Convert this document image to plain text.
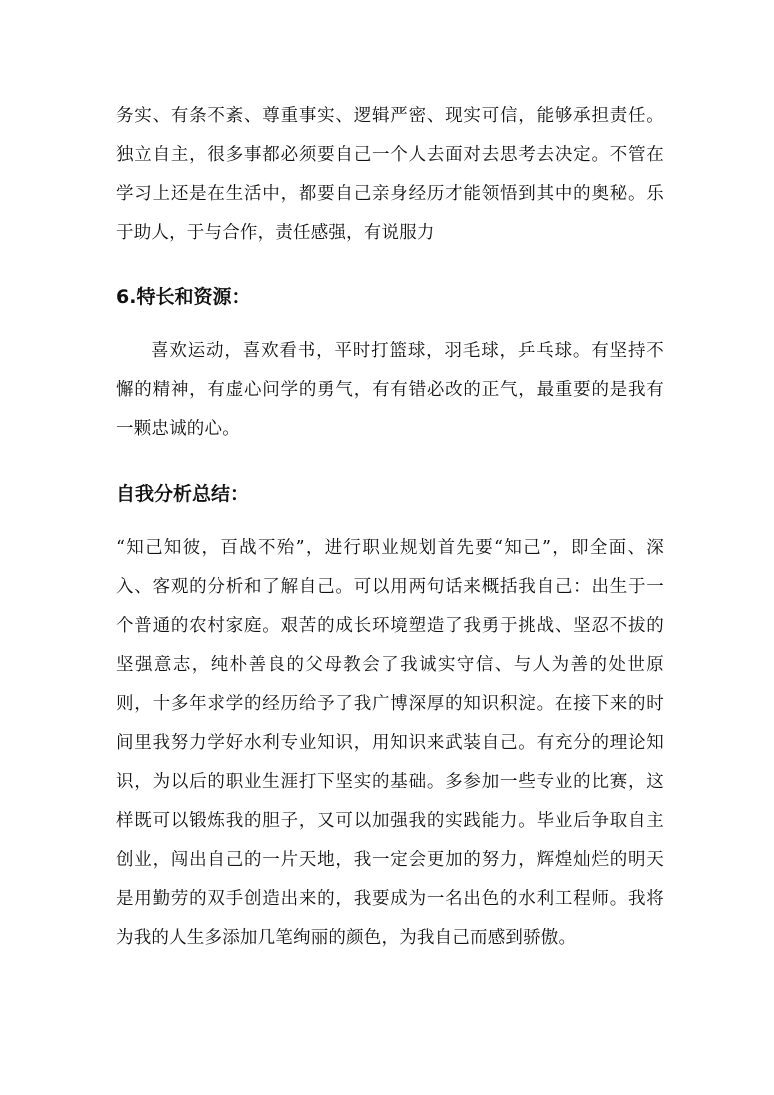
务实、有条不紊、尊重事实、逻辑严密、现实可信，能够承担责任。独立自主，很多事都必须要自己一个人去面对去思考去决定。不管在学习上还是在生活中，都要自己亲身经历才能领悟到其中的奥秘。乐于助人，于与合作，责任感强，有说服力

6.特长和资源：

喜欢运动，喜欢看书，平时打篮球，羽毛球，乒乓球。有坚持不懈的精神，有虚心问学的勇气，有有错必改的正气，最重要的是我有一颗忠诚的心。

自我分析总结：

“知己知彼，百战不殆”，进行职业规划首先要“知己”，即全面、深入、客观的分析和了解自己。可以用两句话来概括我自己：出生于一个普通的农村家庭。艰苦的成长环境塑造了我勇于挑战、坚忍不拔的坚强意志，纯朴善良的父母教会了我诚实守信、与人为善的处世原则，十多年求学的经历给予了我广博深厚的知识积淀。在接下来的时间里我努力学好水利专业知识，用知识来武装自己。有充分的理论知识，为以后的职业生涯打下坚实的基础。多参加一些专业的比赛，这样既可以锻炼我的胆子，又可以加强我的实践能力。毕业后争取自主创业，闯出自己的一片天地，我一定会更加的努力，辉煌灿烂的明天是用勤劳的双手创造出来的，我要成为一名出色的水利工程师。我将为我的人生多添加几笔绚丽的颜色，为我自己而感到骄傲。
